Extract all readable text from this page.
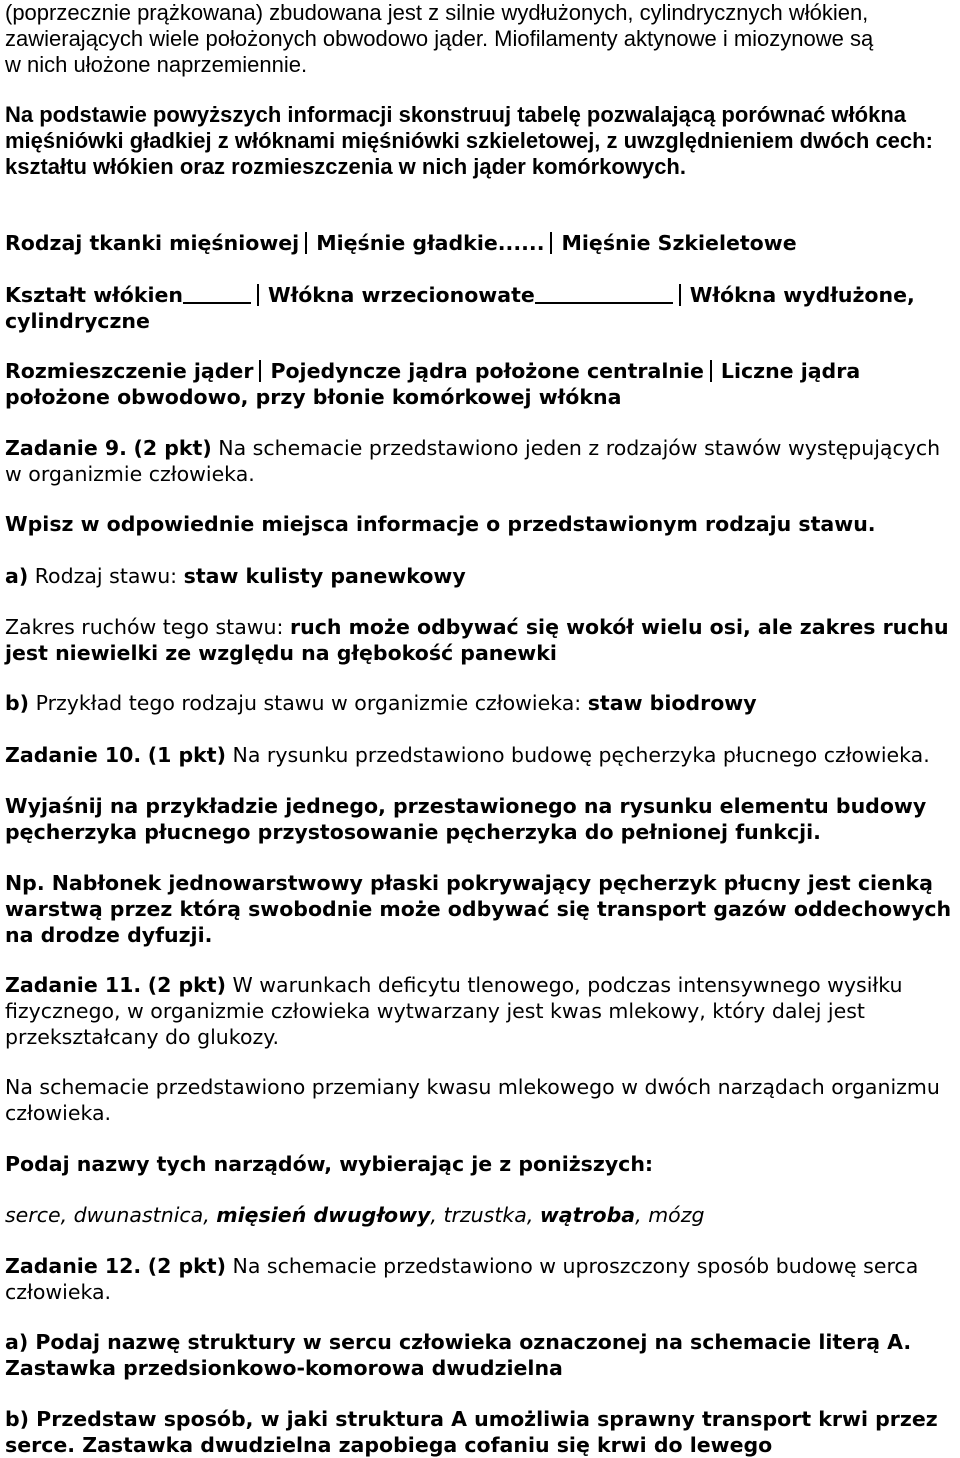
(poprzecznie prążkowana) zbudowana jest z silnie wydłużonych, cylindrycznych włókien,
zawierających wiele położonych obwodowo jąder. Miofilamenty aktynowe i miozynowe są
w nich ułożone naprzemiennie.

Na podstawie powyższych informacji skonstruuj tabelę pozwalającą porównać włókna mięśniówki gładkiej z włóknami mięśniówki szkieletowej, z uwzględnieniem dwóch cech: kształtu włókien oraz rozmieszczenia w nich jąder komórkowych.

Rodzaj tkanki mięśniowej Mięśnie gładkie...... Mięśnie Szkieletowe

Kształt włókien	Włókna wrzecionowate	Włókna wydłużone, cylindryczne

Rozmieszczenie jąder Pojedyncze jądra położone centralnie Liczne jądra położone obwodowo, przy błonie komórkowej włókna

Zadanie 9. (2 pkt) Na schemacie przedstawiono jeden z rodzajów stawów występujących w organizmie człowieka.

Wpisz w odpowiednie miejsca informacje o przedstawionym rodzaju stawu.

a) Rodzaj stawu: staw kulisty panewkowy

Zakres ruchów tego stawu: ruch może odbywać się wokół wielu osi, ale zakres ruchu jest niewielki ze względu na głębokość panewki

b) Przykład tego rodzaju stawu w organizmie człowieka: staw biodrowy

Zadanie 10. (1 pkt) Na rysunku przedstawiono budowę pęcherzyka płucnego człowieka.

Wyjaśnij na przykładzie jednego, przestawionego na rysunku elementu budowy pęcherzyka płucnego przystosowanie pęcherzyka do pełnionej funkcji.

Np. Nabłonek jednowarstwowy płaski pokrywający pęcherzyk płucny jest cienką warstwą przez którą swobodnie może odbywać się transport gazów oddechowych na drodze dyfuzji.

Zadanie 11. (2 pkt) W warunkach deficytu tlenowego, podczas intensywnego wysiłku fizycznego, w organizmie człowieka wytwarzany jest kwas mlekowy, który dalej jest przekształcany do glukozy.

Na schemacie przedstawiono przemiany kwasu mlekowego w dwóch narządach organizmu człowieka.

Podaj nazwy tych narządów, wybierając je z poniższych:

serce, dwunastnica, mięsień dwugłowy, trzustka, wątroba, mózg

Zadanie 12. (2 pkt) Na schemacie przedstawiono w uproszczony sposób budowę serca człowieka.

a) Podaj nazwę struktury w sercu człowieka oznaczonej na schemacie literą A.
Zastawka przedsionkowo-komorowa dwudzielna

b) Przedstaw sposób, w jaki struktura A umożliwia sprawny transport krwi przez serce. Zastawka dwudzielna zapobiega cofaniu się krwi do lewego
